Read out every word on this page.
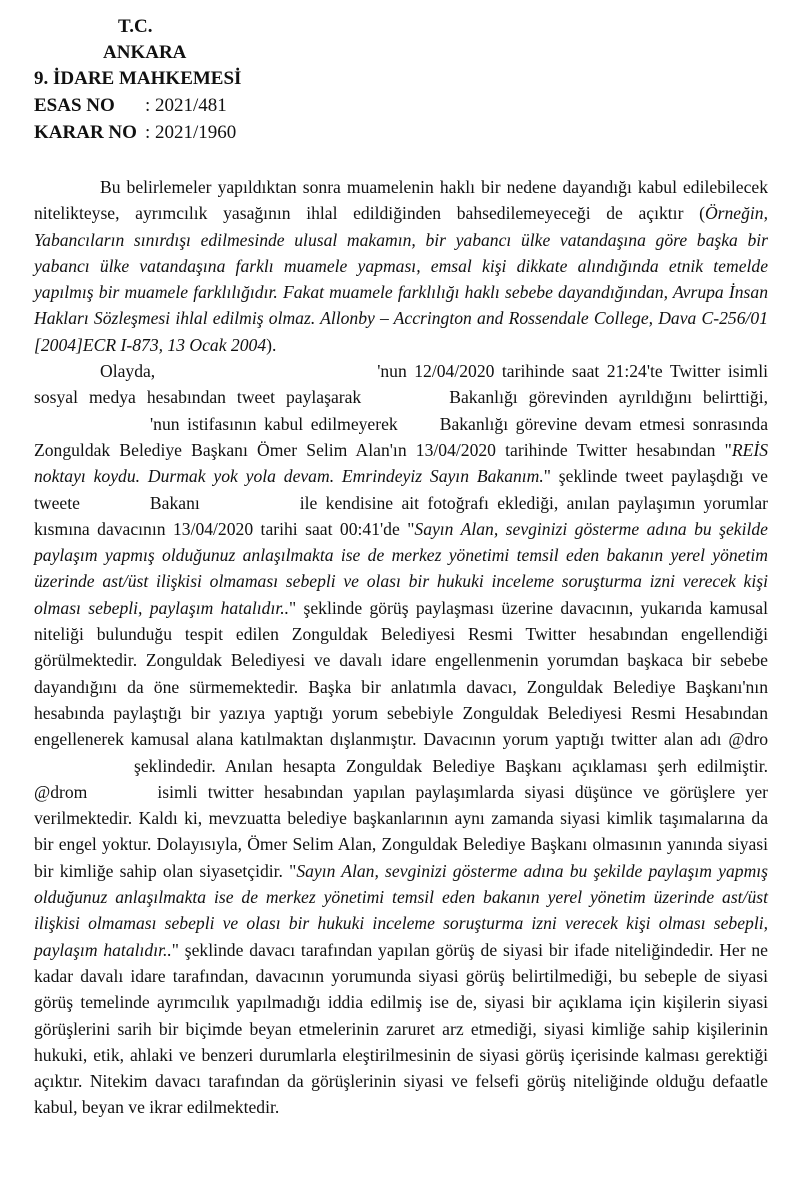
T.C.
ANKARA
9. İDARE MAHKEMESİ
ESAS NO : 2021/481
KARAR NO : 2021/1960

Bu belirlemeler yapıldıktan sonra muamelenin haklı bir nedene dayandığı kabul edilebilecek nitelikteyse, ayrımcılık yasağının ihlal edildiğinden bahsedilemeyeceği de açıktır (Örneğin, Yabancıların sınırdışı edilmesinde ulusal makamın, bir yabancı ülke vatandaşına göre başka bir yabancı ülke vatandaşına farklı muamele yapması, emsal kişi dikkate alındığında etnik temelde yapılmış bir muamele farklılığıdır. Fakat muamele farklılığı haklı sebebe dayandığından, Avrupa İnsan Hakları Sözleşmesi ihlal edilmiş olmaz. Allonby – Accrington and Rossendale College, Dava C-256/01 [2004]ECR I-873, 13 Ocak 2004).

Olayda,	'nun 12/04/2020 tarihinde saat 21:24'te Twitter isimli sosyal medya hesabından tweet paylaşarak	Bakanlığı görevinden ayrıldığını belirttiği,'nun istifasının kabul edilmeyerek Bakanlığı görevine devam etmesi sonrasında Zonguldak Belediye Başkanı Ömer Selim Alan'ın 13/04/2020 tarihinde Twitter hesabından "REİS noktayı koydu. Durmak yok yola devam. Emrindeyiz Sayın Bakanım." şeklinde tweet paylaşdığı ve tweete	Bakanı	ile kendisine ait fotoğrafı eklediği, anılan paylaşımın yorumlar kısmına davacının 13/04/2020 tarihi saat 00:41'de "Sayın Alan, sevginizi gösterme adına bu şekilde paylaşım yapmış olduğunuz anlaşılmakta ise de merkez yönetimi temsil eden bakanın yerel yönetim üzerinde ast/üst ilişkisi olmaması sebepli ve olası bir hukuki inceleme soruşturma izni verecek kişi olması sebepli, paylaşım hatalıdır.." şeklinde görüş paylaşması üzerine davacının, yukarıda kamusal niteliği bulunduğu tespit edilen Zonguldak Belediyesi Resmi Twitter hesabından engellendiği görülmektedir. Zonguldak Belediyesi ve davalı idare engellenmenin yorumdan başkaca bir sebebe dayandığını da öne sürmemektedir. Başka bir anlatımla davacı, Zonguldak Belediye Başkanı'nın hesabında paylaştığı bir yazıya yaptığı yorum sebebiyle Zonguldak Belediyesi Resmi Hesabından engellenerek kamusal alana katılmaktan dışlanmıştır. Davacının yorum yaptığı twitter alan adı @droşeklindedir. Anılan hesapta Zonguldak Belediye Başkanı açıklaması şerh edilmiştir. @drom	isimli twitter hesabından yapılan paylaşımlarda siyasi düşünce ve görüşlere yer verilmektedir. Kaldı ki, mevzuatta belediye başkanlarının aynı zamanda siyasi kimlik taşımalarına da bir engel yoktur. Dolayısıyla, Ömer Selim Alan, Zonguldak Belediye Başkanı olmasının yanında siyasi bir kimliğe sahip olan siyasetçidir. "Sayın Alan, sevginizi gösterme adına bu şekilde paylaşım yapmış olduğunuz anlaşılmakta ise de merkez yönetimi temsil eden bakanın yerel yönetim üzerinde ast/üst ilişkisi olmaması sebepli ve olası bir hukuki inceleme soruşturma izni verecek kişi olması sebepli, paylaşım hatalıdır.." şeklinde davacı tarafından yapılan görüş de siyasi bir ifade niteliğindedir. Her ne kadar davalı idare tarafından, davacının yorumunda siyasi görüş belirtilmediği, bu sebeple de siyasi görüş temelinde ayrımcılık yapılmadığı iddia edilmiş ise de, siyasi bir açıklama için kişilerin siyasi görüşlerini sarih bir biçimde beyan etmelerinin zaruret arz etmediği, siyasi kimliğe sahip kişilerinin hukuki, etik, ahlaki ve benzeri durumlarla eleştirilmesinin de siyasi görüş içerisinde kalması gerektiği açıktır. Nitekim davacı tarafından da görüşlerinin siyasi ve felsefi görüş niteliğinde olduğu defaatle kabul, beyan ve ikrar edilmektedir.
